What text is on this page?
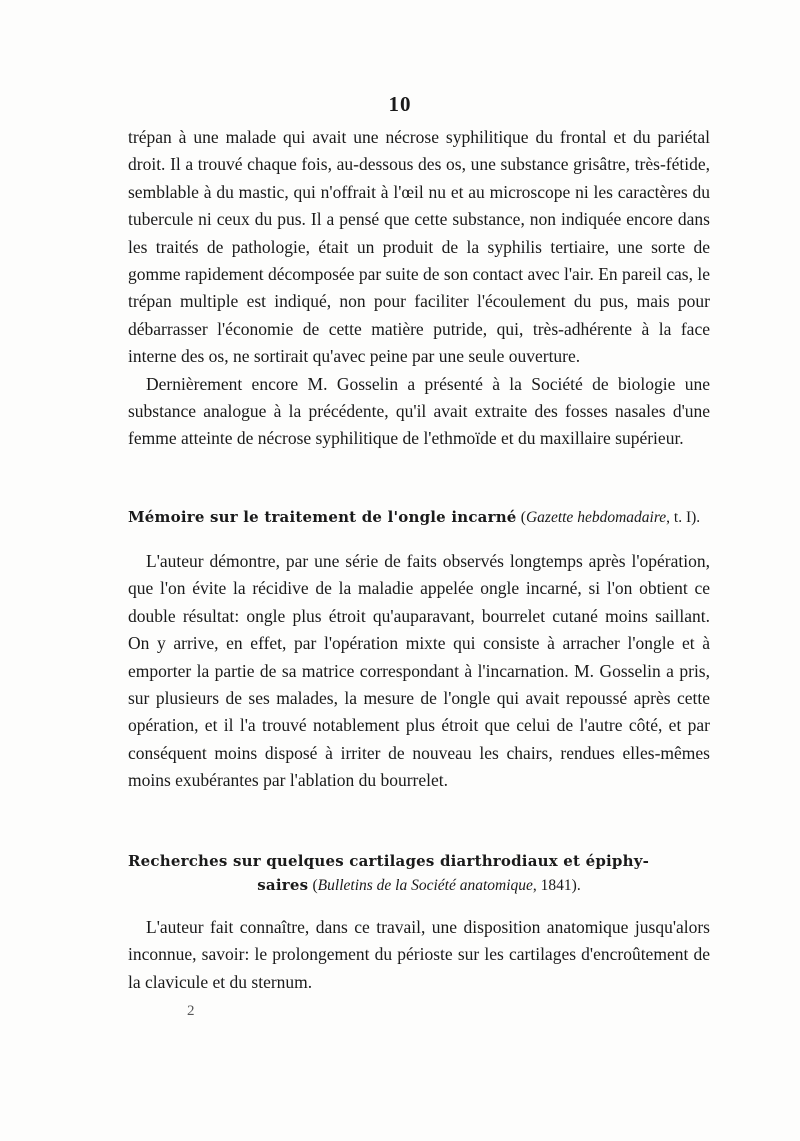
10

trépan à une malade qui avait une nécrose syphilitique du frontal et du pariétal droit. Il a trouvé chaque fois, au-dessous des os, une substance grisâtre, très-fétide, semblable à du mastic, qui n'offrait à l'œil nu et au microscope ni les caractères du tubercule ni ceux du pus. Il a pensé que cette substance, non indiquée encore dans les traités de pathologie, était un produit de la syphilis tertiaire, une sorte de gomme rapidement décomposée par suite de son contact avec l'air. En pareil cas, le trépan multiple est indiqué, non pour faciliter l'écoulement du pus, mais pour débarrasser l'économie de cette matière putride, qui, très-adhérente à la face interne des os, ne sortirait qu'avec peine par une seule ouverture.

Dernièrement encore M. Gosselin a présenté à la Société de biologie une substance analogue à la précédente, qu'il avait extraite des fosses nasales d'une femme atteinte de nécrose syphilitique de l'ethmoïde et du maxillaire supérieur.

Mémoire sur le traitement de l'ongle incarné (Gazette hebdomadaire, t. I).

L'auteur démontre, par une série de faits observés longtemps après l'opération, que l'on évite la récidive de la maladie appelée ongle incarné, si l'on obtient ce double résultat: ongle plus étroit qu'auparavant, bourrelet cutané moins saillant. On y arrive, en effet, par l'opération mixte qui consiste à arracher l'ongle et à emporter la partie de sa matrice correspondant à l'incarnation. M. Gosselin a pris, sur plusieurs de ses malades, la mesure de l'ongle qui avait repoussé après cette opération, et il l'a trouvé notablement plus étroit que celui de l'autre côté, et par conséquent moins disposé à irriter de nouveau les chairs, rendues elles-mêmes moins exubérantes par l'ablation du bourrelet.

Recherches sur quelques cartilages diarthrodiaux et épiphy-

saires (Bulletins de la Société anatomique, 1841).

L'auteur fait connaître, dans ce travail, une disposition anatomique jusqu'alors inconnue, savoir: le prolongement du périoste sur les cartilages d'encroûtement de la clavicule et du sternum.

2
